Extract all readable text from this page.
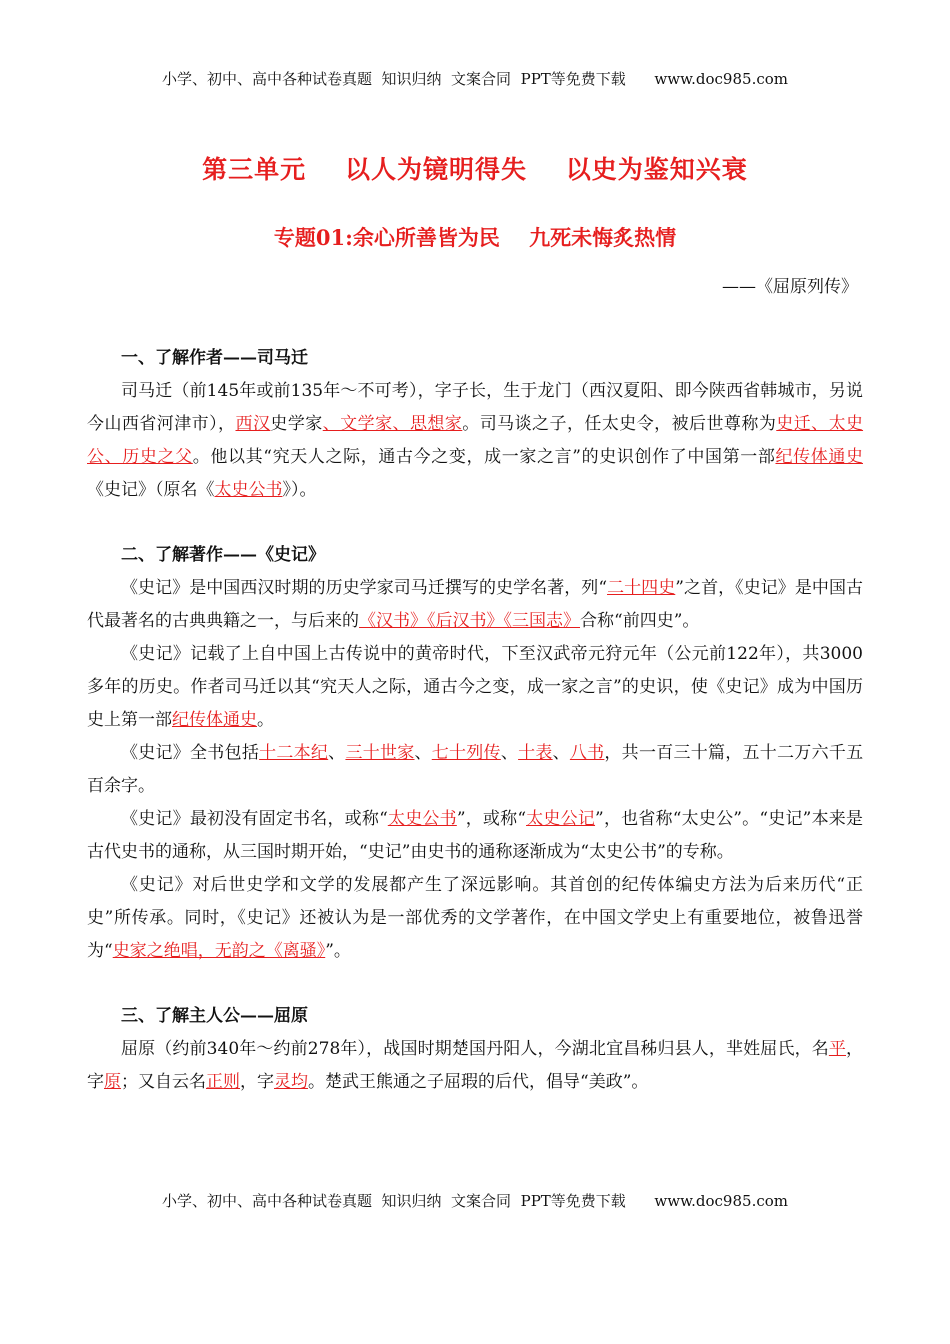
小学、初中、高中各种试卷真题  知识归纳  文案合同  PPT等免费下载      www.doc985.com
第三单元    以人为镜明得失    以史为鉴知兴衰
专题01:余心所善皆为民    九死未悔炙热情
——《屈原列传》
一、了解作者——司马迁

司马迁（前145年或前135年～不可考），字子长，生于龙门（西汉夏阳、即今陕西省韩城市，另说今山西省河津市），西汉史学家、文学家、思想家。司马谈之子，任太史令，被后世尊称为史迁、太史公、历史之父。他以其“究天人之际，通古今之变，成一家之言”的史识创作了中国第一部纪传体通史《史记》（原名《太史公书》）。

二、了解著作——《史记》

《史记》是中国西汉时期的历史学家司马迁撰写的史学名著，列“二十四史”之首，《史记》是中国古代最著名的古典典籍之一，与后来的《汉书》《后汉书》《三国志》合称“前四史”。

《史记》记载了上自中国上古传说中的黄帝时代，下至汉武帝元狩元年（公元前122年），共3000多年的历史。作者司马迁以其“究天人之际，通古今之变，成一家之言”的史识，使《史记》成为中国历史上第一部纪传体通史。

《史记》全书包括十二本纪、三十世家、七十列传、十表、八书，共一百三十篇，五十二万六千五百余字。

《史记》最初没有固定书名，或称“太史公书”，或称“太史公记”，也省称“太史公”。“史记”本来是古代史书的通称，从三国时期开始，“史记”由史书的通称逐渐成为“太史公书”的专称。

《史记》对后世史学和文学的发展都产生了深远影响。其首创的纪传体编史方法为后来历代“正史”所传承。同时，《史记》还被认为是一部优秀的文学著作，在中国文学史上有重要地位，被鲁迅誉为“史家之绝唱，无韵之《离骚》”。

三、了解主人公——屈原

屈原（约前340年～约前278年），战国时期楚国丹阳人，今湖北宜昌秭归县人，芈姓屈氏，名平，字原；又自云名正则，字灵均。楚武王熊通之子屈瑕的后代，倡导“美政”。

小学、初中、高中各种试卷真题  知识归纳  文案合同  PPT等免费下载      www.doc985.com
